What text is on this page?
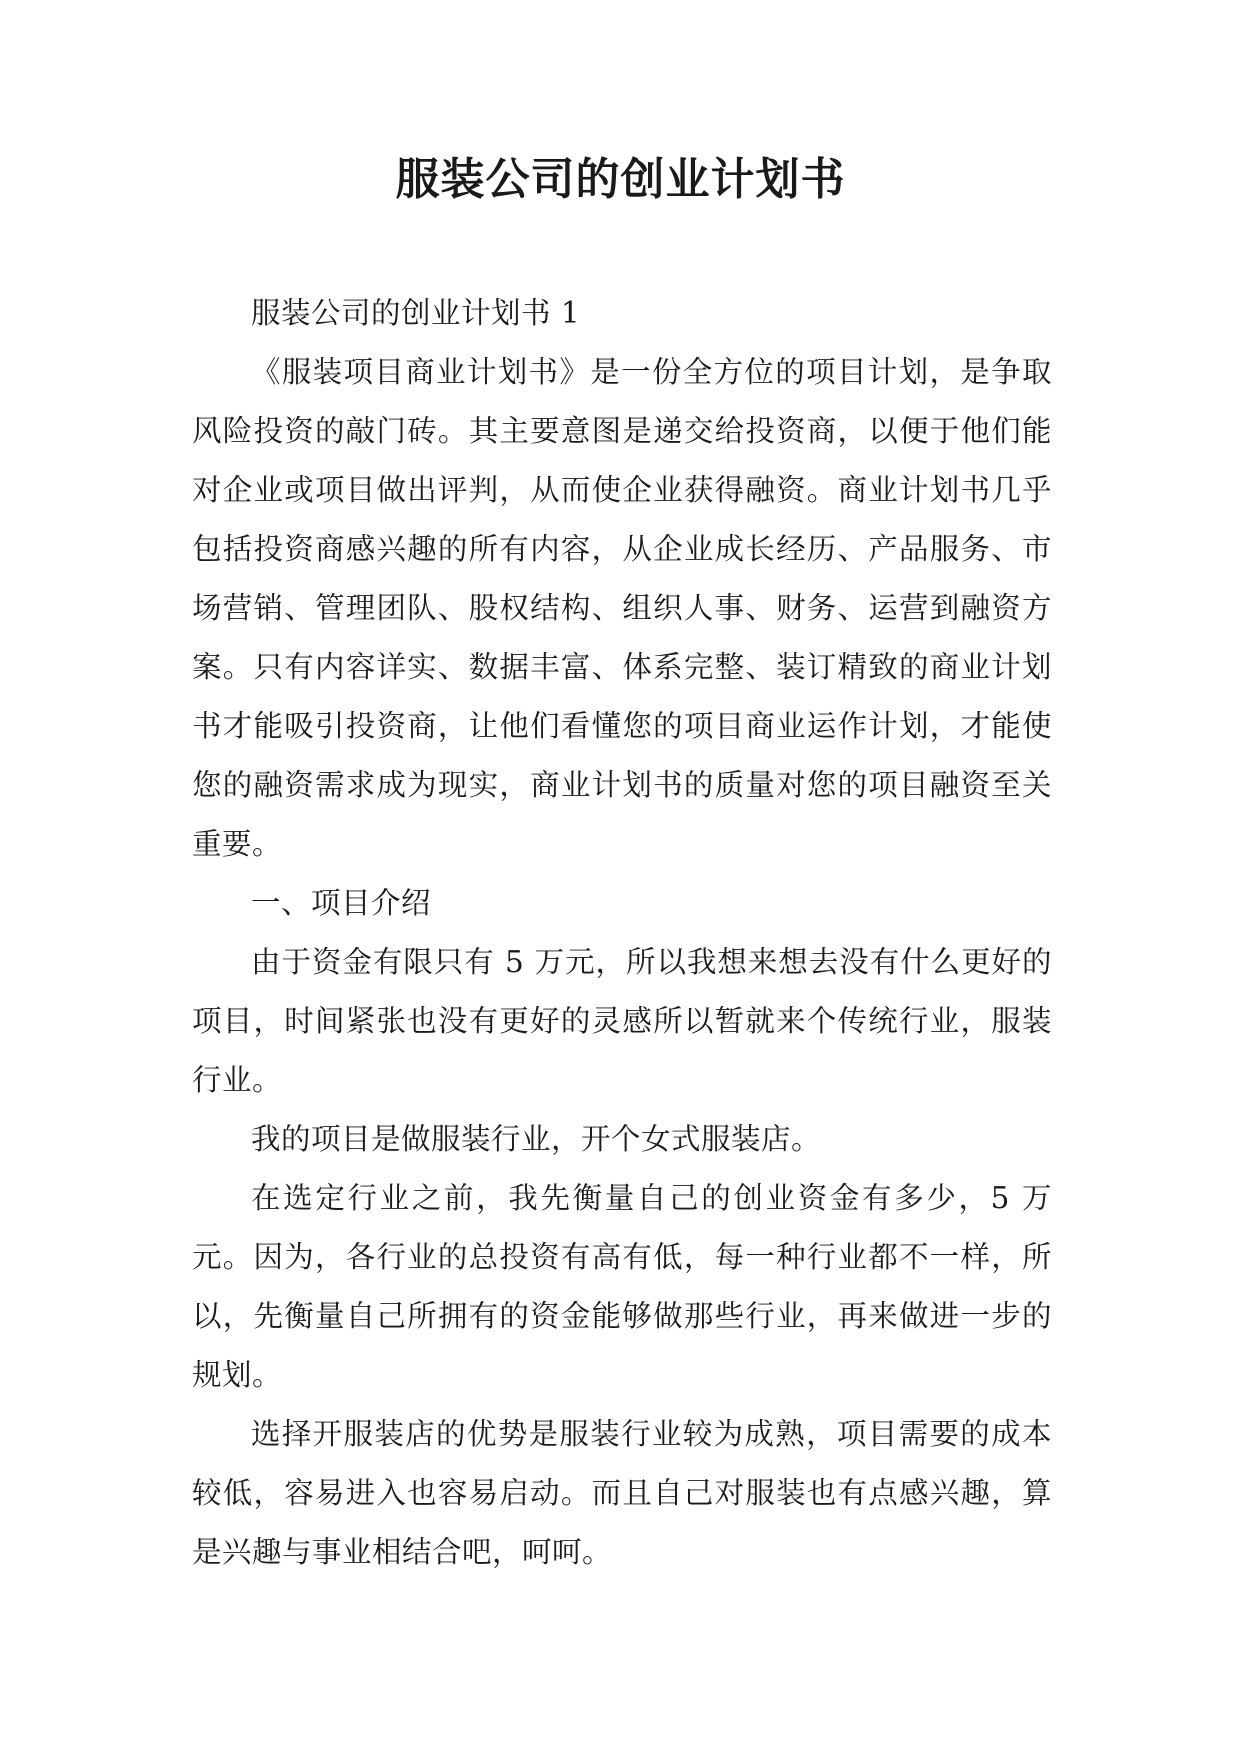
服装公司的创业计划书

服装公司的创业计划书 1

《服装项目商业计划书》是一份全方位的项目计划，是争取风险投资的敲门砖。其主要意图是递交给投资商，以便于他们能对企业或项目做出评判，从而使企业获得融资。商业计划书几乎包括投资商感兴趣的所有内容，从企业成长经历、产品服务、市场营销、管理团队、股权结构、组织人事、财务、运营到融资方案。只有内容详实、数据丰富、体系完整、装订精致的商业计划书才能吸引投资商，让他们看懂您的项目商业运作计划，才能使您的融资需求成为现实，商业计划书的质量对您的项目融资至关重要。

一、项目介绍

由于资金有限只有 5 万元，所以我想来想去没有什么更好的项目，时间紧张也没有更好的灵感所以暂就来个传统行业，服装行业。

我的项目是做服装行业，开个女式服装店。

在选定行业之前，我先衡量自己的创业资金有多少，5 万元。因为，各行业的总投资有高有低，每一种行业都不一样，所以，先衡量自己所拥有的资金能够做那些行业，再来做进一步的规划。

选择开服装店的优势是服装行业较为成熟，项目需要的成本较低，容易进入也容易启动。而且自己对服装也有点感兴趣，算是兴趣与事业相结合吧，呵呵。
